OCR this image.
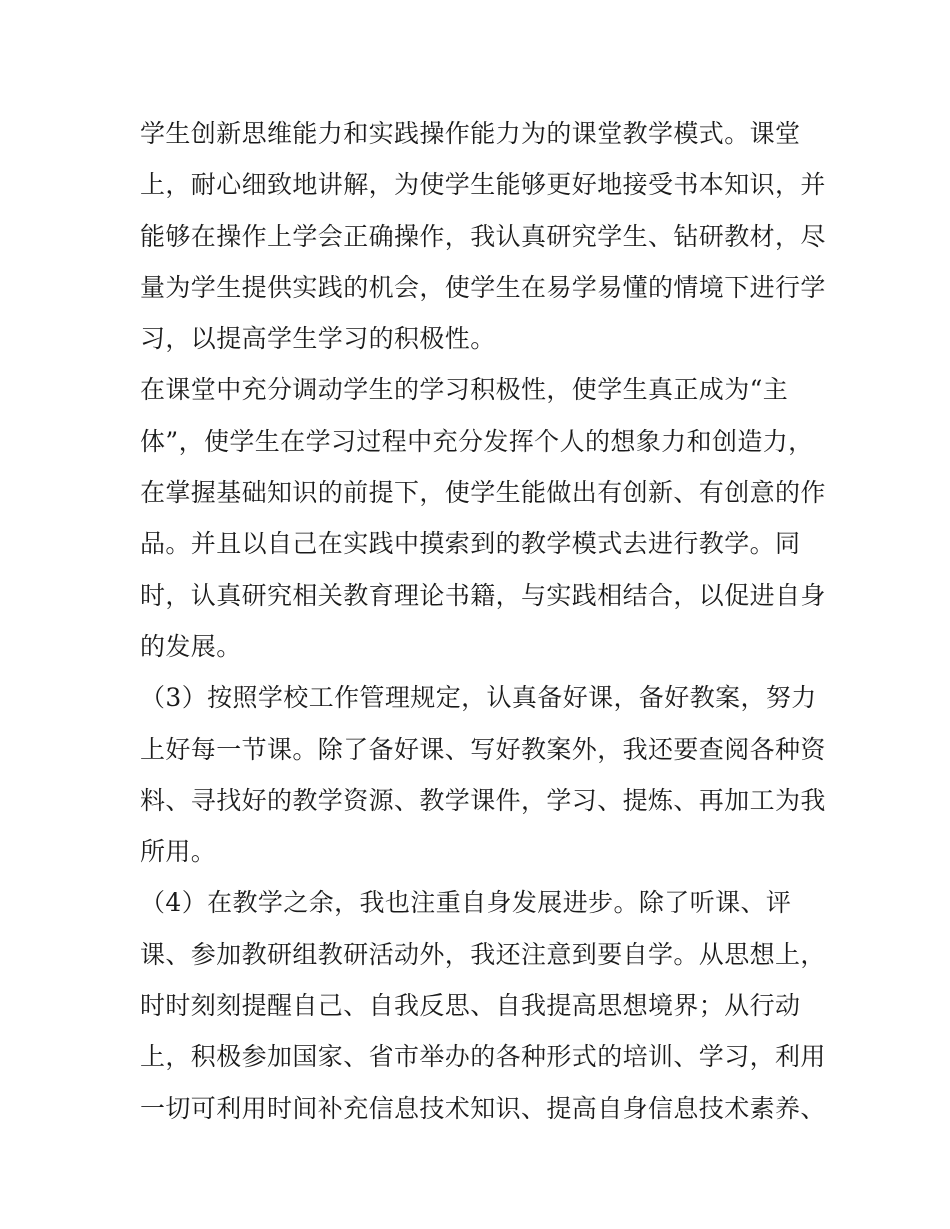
学生创新思维能力和实践操作能力为的课堂教学模式。课堂
上，耐心细致地讲解，为使学生能够更好地接受书本知识，并
能够在操作上学会正确操作，我认真研究学生、钻研教材，尽
量为学生提供实践的机会，使学生在易学易懂的情境下进行学
习，以提高学生学习的积极性。
在课堂中充分调动学生的学习积极性，使学生真正成为“主
体”，使学生在学习过程中充分发挥个人的想象力和创造力，
在掌握基础知识的前提下，使学生能做出有创新、有创意的作
品。并且以自己在实践中摸索到的教学模式去进行教学。同
时，认真研究相关教育理论书籍，与实践相结合，以促进自身
的发展。
（3）按照学校工作管理规定，认真备好课，备好教案，努力
上好每一节课。除了备好课、写好教案外，我还要查阅各种资
料、寻找好的教学资源、教学课件，学习、提炼、再加工为我
所用。
（4）在教学之余，我也注重自身发展进步。除了听课、评
课、参加教研组教研活动外，我还注意到要自学。从思想上，
时时刻刻提醒自己、自我反思、自我提高思想境界；从行动
上，积极参加国家、省市举办的各种形式的培训、学习，利用
一切可利用时间补充信息技术知识、提高自身信息技术素养、
